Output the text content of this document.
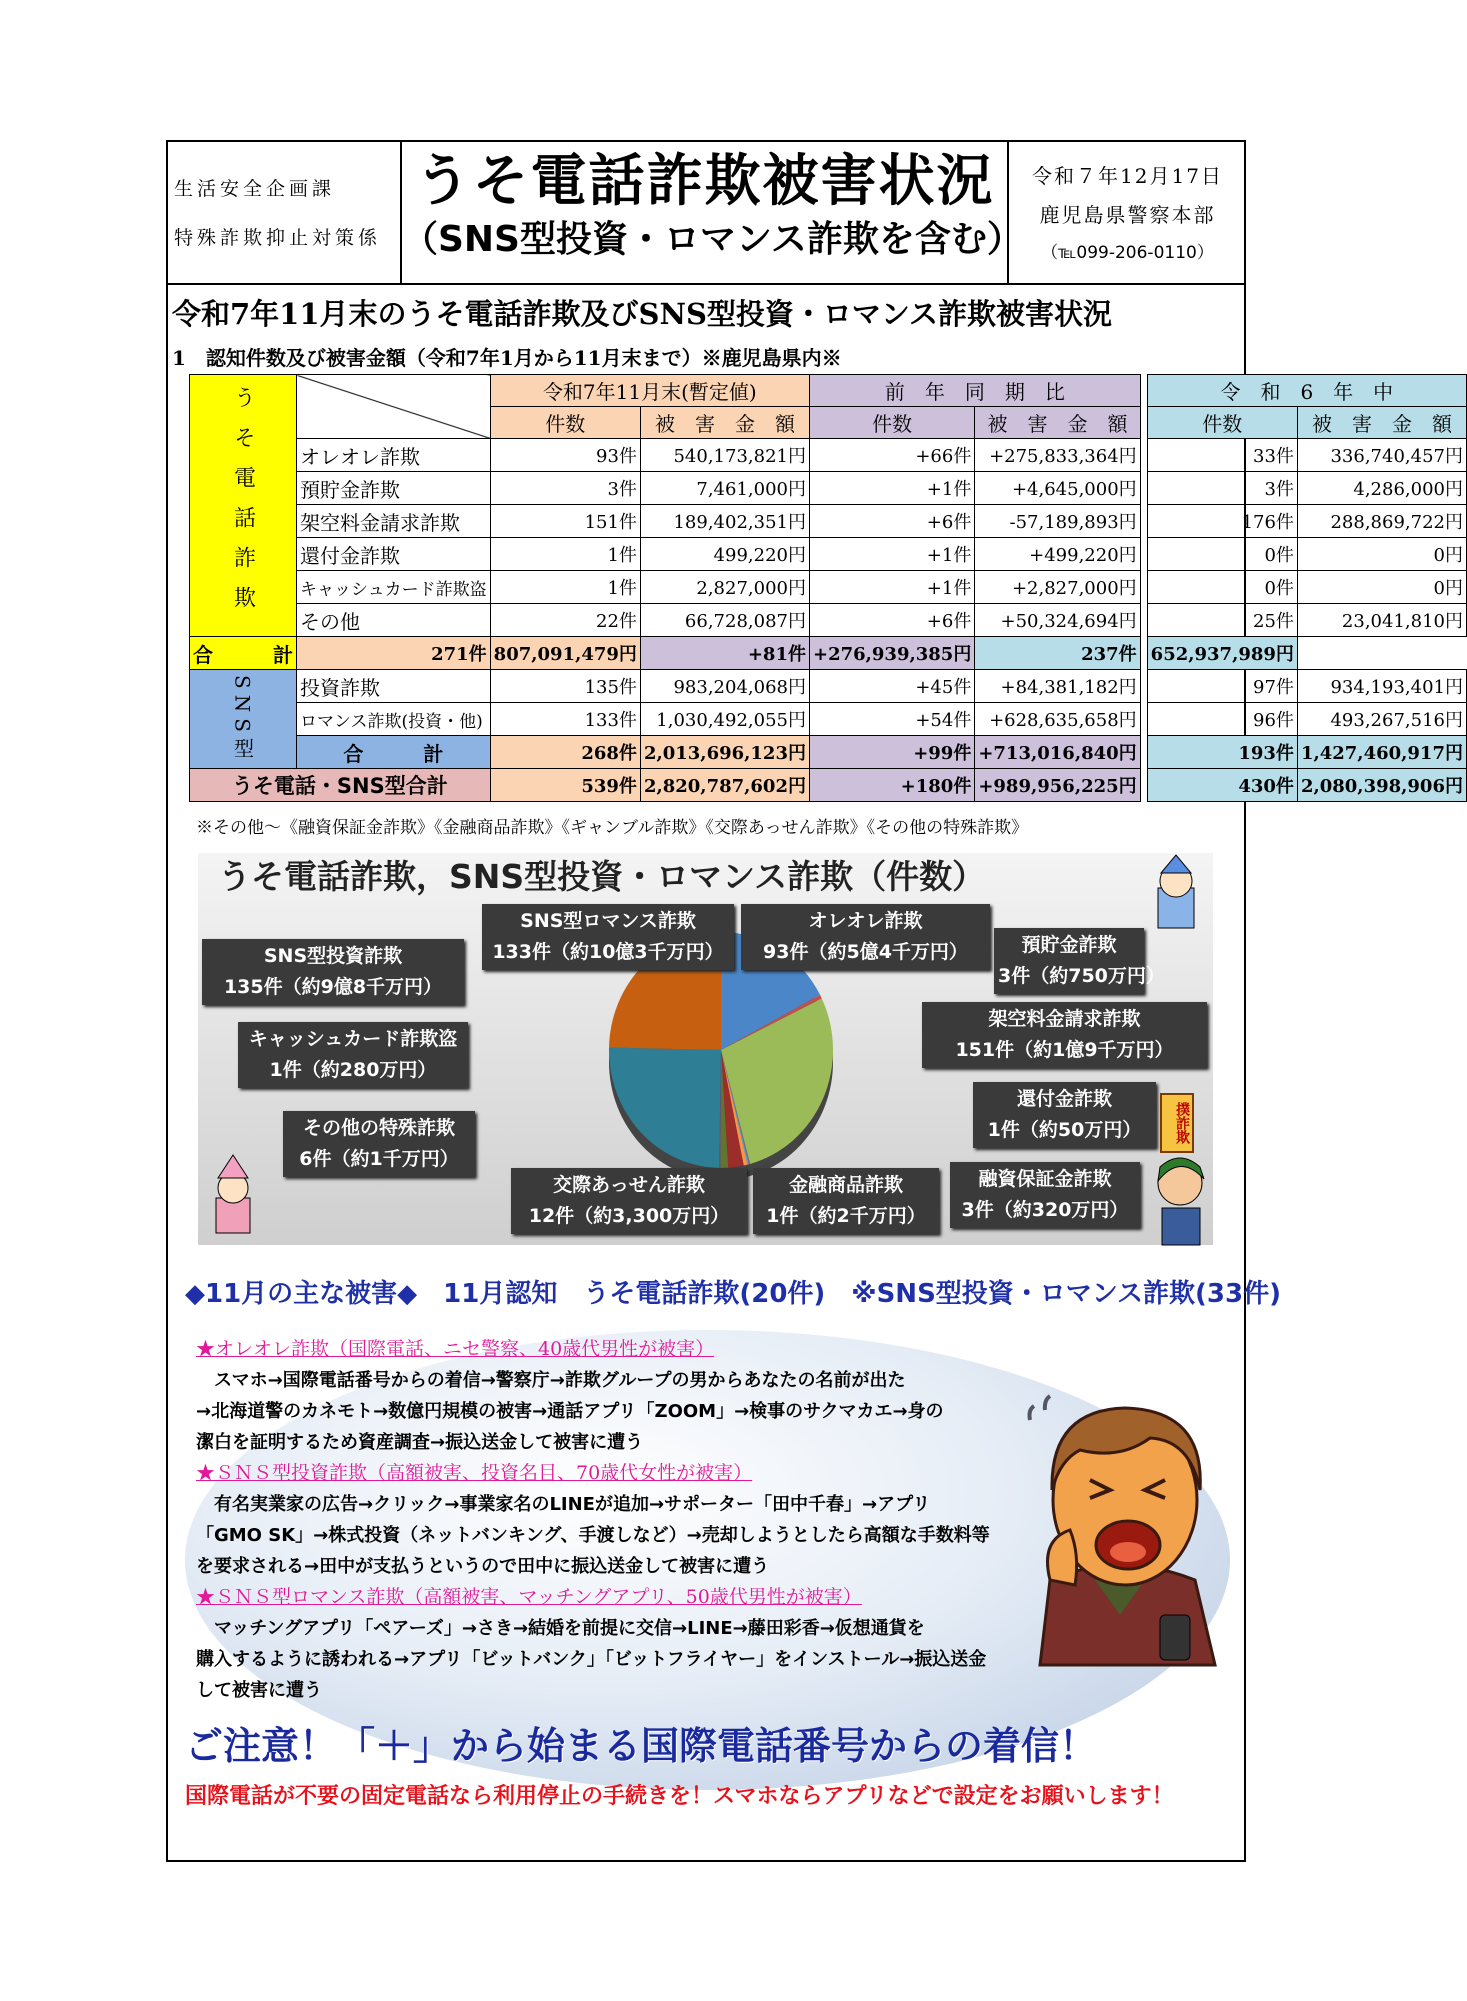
生活安全企画課
特殊詐欺抑止対策係
うそ電話詐欺被害状況
（SNS型投資・ロマンス詐欺を含む）
令和７年12月17日
鹿児島県警察本部
（℡099-206-0110）
令和7年11月末のうそ電話詐欺及びSNS型投資・ロマンス詐欺被害状況
1　認知件数及び被害金額（令和7年1月から11月末まで）※鹿児島県内※
うそ電話詐欺		令和7年11月末(暫定値)		前　年　同　期　比			令　和　6　年　中	
		件数	被　害　金　額	件数	被　害　金　額		件数	被　害　金　額
	オレオレ詐欺	93件	540,173,821円	+66件	+275,833,364円		33件	336,740,457円
	預貯金詐欺	3件	7,461,000円	+1件	+4,645,000円		3件	4,286,000円
	架空料金請求詐欺	151件	189,402,351円	+6件	-57,189,893円		176件	288,869,722円
	還付金詐欺	1件	499,220円	+1件	+499,220円		0件	0円
	キャッシュカード詐欺盗	1件	2,827,000円	+1件	+2,827,000円		0件	0円
	その他	22件	66,728,087円	+6件	+50,324,694円		25件	23,041,810円
合　　　計	271件	807,091,479円	+81件	+276,939,385円	237件		652,937,989円	
SNS型	投資詐欺	135件	983,204,068円	+45件	+84,381,182円		97件	934,193,401円
	ロマンス詐欺(投資・他)	133件	1,030,492,055円	+54件	+628,635,658円		96件	493,267,516円
	合　　　計	268件	2,013,696,123円	+99件	+713,016,840円		193件	1,427,460,917円
うそ電話・SNS型合計		539件	2,820,787,602円	+180件	+989,956,225円		430件	2,080,398,906円
※その他～《融資保証金詐欺》《金融商品詐欺》《ギャンブル詐欺》《交際あっせん詐欺》《その他の特殊詐欺》
うそ電話詐欺，SNS型投資・ロマンス詐欺（件数）
オレオレ詐欺
93件（約5億4千万円）	預貯金詐欺
3件（約750万円）
架空料金請求詐欺
151件（約1億9千万円）
還付金詐欺
1件（約50万円）
金融商品詐欺
1件（約2千万円）
融資保証金詐欺
3件（約320万円）
交際あっせん詐欺
12件（約3,300万円）
その他の特殊詐欺
6件（約1千万円）
キャッシュカード詐欺盗
1件（約280万円）
SNS型投資詐欺
135件（約9億8千万円）
SNS型ロマンス詐欺
133件（約10億3千万円）
撲詐欺
◆11月の主な被害◆　11月認知　うそ電話詐欺(20件)　※SNS型投資・ロマンス詐欺(33件)
★オレオレ詐欺（国際電話、ニセ警察、40歳代男性が被害）
　スマホ→国際電話番号からの着信→警察庁→詐欺グループの男からあなたの名前が出た
→北海道警のカネモト→数億円規模の被害→通話アプリ「ZOOM」→検事のサクマカエ→身の
潔白を証明するため資産調査→振込送金して被害に遭う
★ＳＮＳ型投資詐欺（高額被害、投資名目、70歳代女性が被害）
　有名実業家の広告→クリック→事業家名のLINEが追加→サポーター「田中千春」→アプリ
「GMO SK」→株式投資（ネットバンキング、手渡しなど）→売却しようとしたら高額な手数料等
を要求される→田中が支払うというので田中に振込送金して被害に遭う
★ＳＮＳ型ロマンス詐欺（高額被害、マッチングアプリ、50歳代男性が被害）
　マッチングアプリ「ペアーズ」→さき→結婚を前提に交信→LINE→藤田彩香→仮想通貨を
購入するように誘われる→アプリ「ビットバンク」「ビットフライヤー」をインストール→振込送金
して被害に遭う
ご注意！「＋」から始まる国際電話番号からの着信！
国際電話が不要の固定電話なら利用停止の手続きを！スマホならアプリなどで設定をお願いします！
